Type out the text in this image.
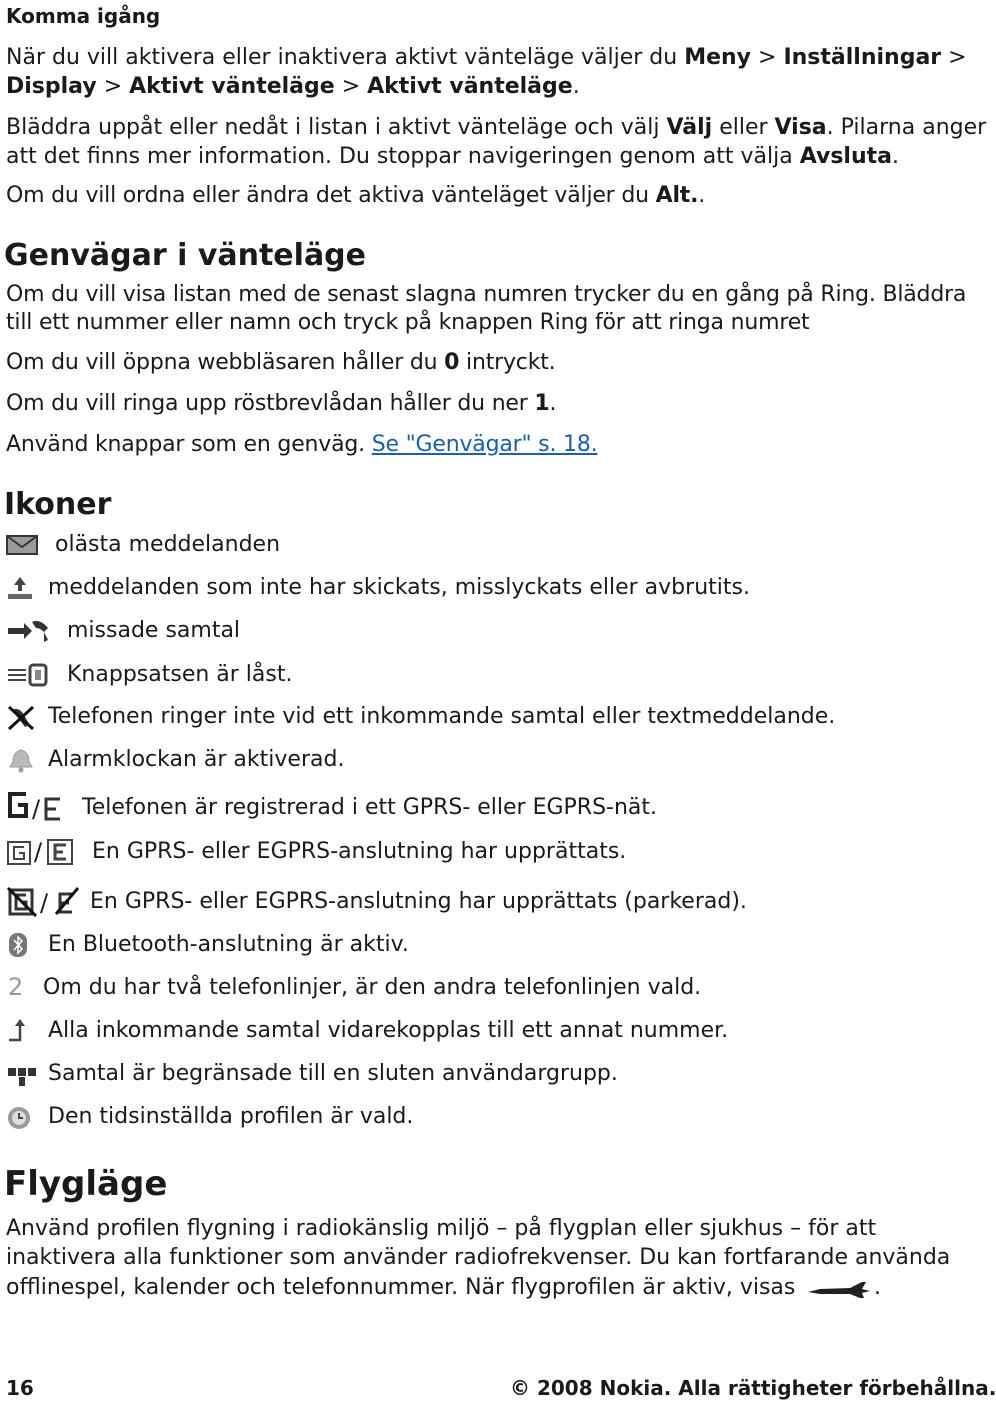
Komma igång
När du vill aktivera eller inaktivera aktivt vänteläge väljer du Meny > Inställningar >
Display > Aktivt vänteläge > Aktivt vänteläge.
Bläddra uppåt eller nedåt i listan i aktivt vänteläge och välj Välj eller Visa. Pilarna anger
att det finns mer information. Du stoppar navigeringen genom att välja Avsluta.
Om du vill ordna eller ändra det aktiva vänteläget väljer du Alt..
Genvägar i vänteläge
Om du vill visa listan med de senast slagna numren trycker du en gång på Ring. Bläddra
till ett nummer eller namn och tryck på knappen Ring för att ringa numret
Om du vill öppna webbläsaren håller du 0 intryckt.
Om du vill ringa upp röstbrevlådan håller du ner 1.
Använd knappar som en genväg. Se "Genvägar" s. 18.
Ikoner
olästa meddelanden
meddelanden som inte har skickats, misslyckats eller avbrutits.
missade samtal
Knappsatsen är låst.
Telefonen ringer inte vid ett inkommande samtal eller textmeddelande.
Alarmklockan är aktiverad.
/ Telefonen är registrerad i ett GPRS- eller EGPRS-nät.
/ En GPRS- eller EGPRS-anslutning har upprättats.
/ En GPRS- eller EGPRS-anslutning har upprättats (parkerad).
En Bluetooth-anslutning är aktiv.
2 Om du har två telefonlinjer, är den andra telefonlinjen vald.
Alla inkommande samtal vidarekopplas till ett annat nummer.
Samtal är begränsade till en sluten användargrupp.
Den tidsinställda profilen är vald.
Flygläge
Använd profilen flygning i radiokänslig miljö – på flygplan eller sjukhus – för att
inaktivera alla funktioner som använder radiofrekvenser. Du kan fortfarande använda
offlinespel, kalender och telefonnummer. När flygprofilen är aktiv, visas	.
16	© 2008 Nokia. Alla rättigheter förbehållna.
